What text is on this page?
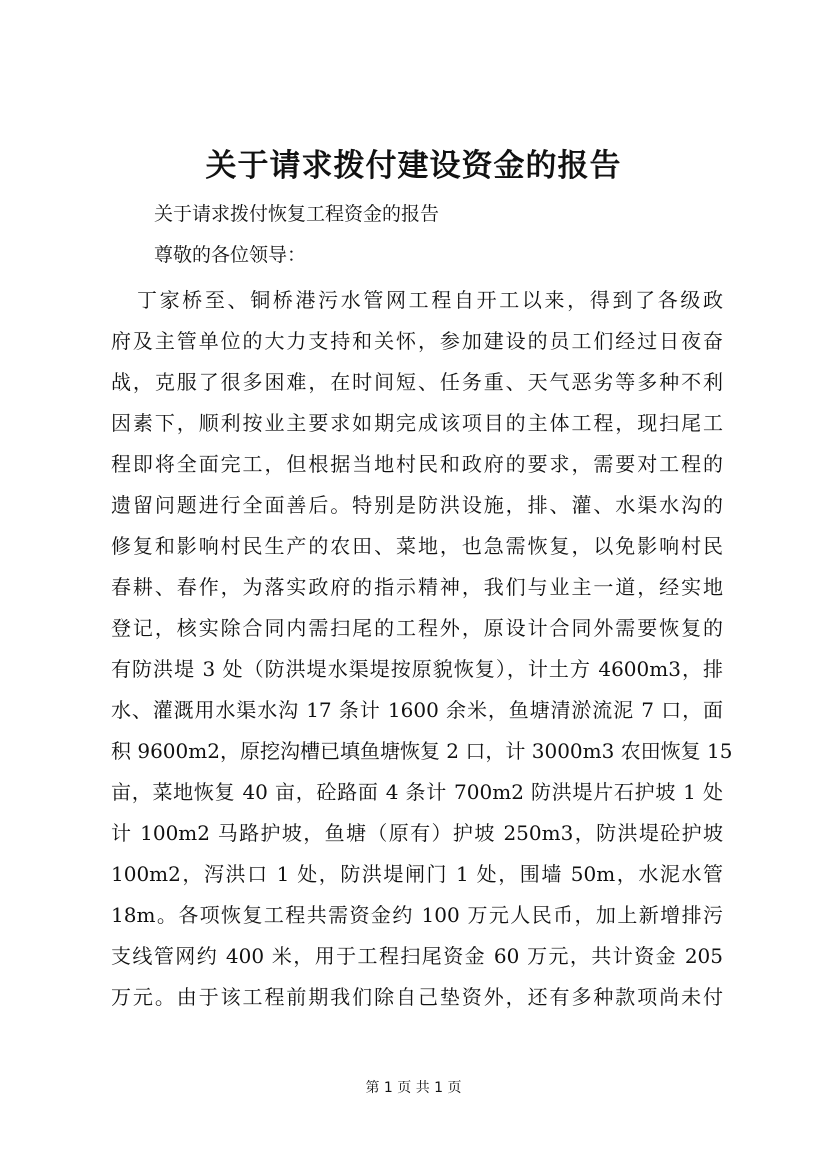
关于请求拨付建设资金的报告

关于请求拨付恢复工程资金的报告

尊敬的各位领导：

丁家桥至、铜桥港污水管网工程自开工以来，得到了各级政
府及主管单位的大力支持和关怀，参加建设的员工们经过日夜奋
战，克服了很多困难，在时间短、任务重、天气恶劣等多种不利
因素下，顺利按业主要求如期完成该项目的主体工程，现扫尾工
程即将全面完工，但根据当地村民和政府的要求，需要对工程的
遗留问题进行全面善后。特别是防洪设施，排、灌、水渠水沟的
修复和影响村民生产的农田、菜地，也急需恢复，以免影响村民
春耕、春作，为落实政府的指示精神，我们与业主一道，经实地
登记，核实除合同内需扫尾的工程外，原设计合同外需要恢复的
有防洪堤 3 处（防洪堤水渠堤按原貌恢复），计土方 4600m3，排
水、灌溉用水渠水沟 17 条计 1600 余米，鱼塘清淤流泥 7 口，面
积 9600m2，原挖沟槽已填鱼塘恢复 2 口，计 3000m3 农田恢复 15
亩，菜地恢复 40 亩，砼路面 4 条计 700m2 防洪堤片石护坡 1 处
计 100m2 马路护坡，鱼塘（原有）护坡 250m3，防洪堤砼护坡
100m2，泻洪口 1 处，防洪堤闸门 1 处，围墙 50m，水泥水管
18m。各项恢复工程共需资金约 100 万元人民币，加上新增排污
支线管网约 400 米，用于工程扫尾资金 60 万元，共计资金 205
万元。由于该工程前期我们除自己垫资外，还有多种款项尚未付
第 1 页 共 1 页
